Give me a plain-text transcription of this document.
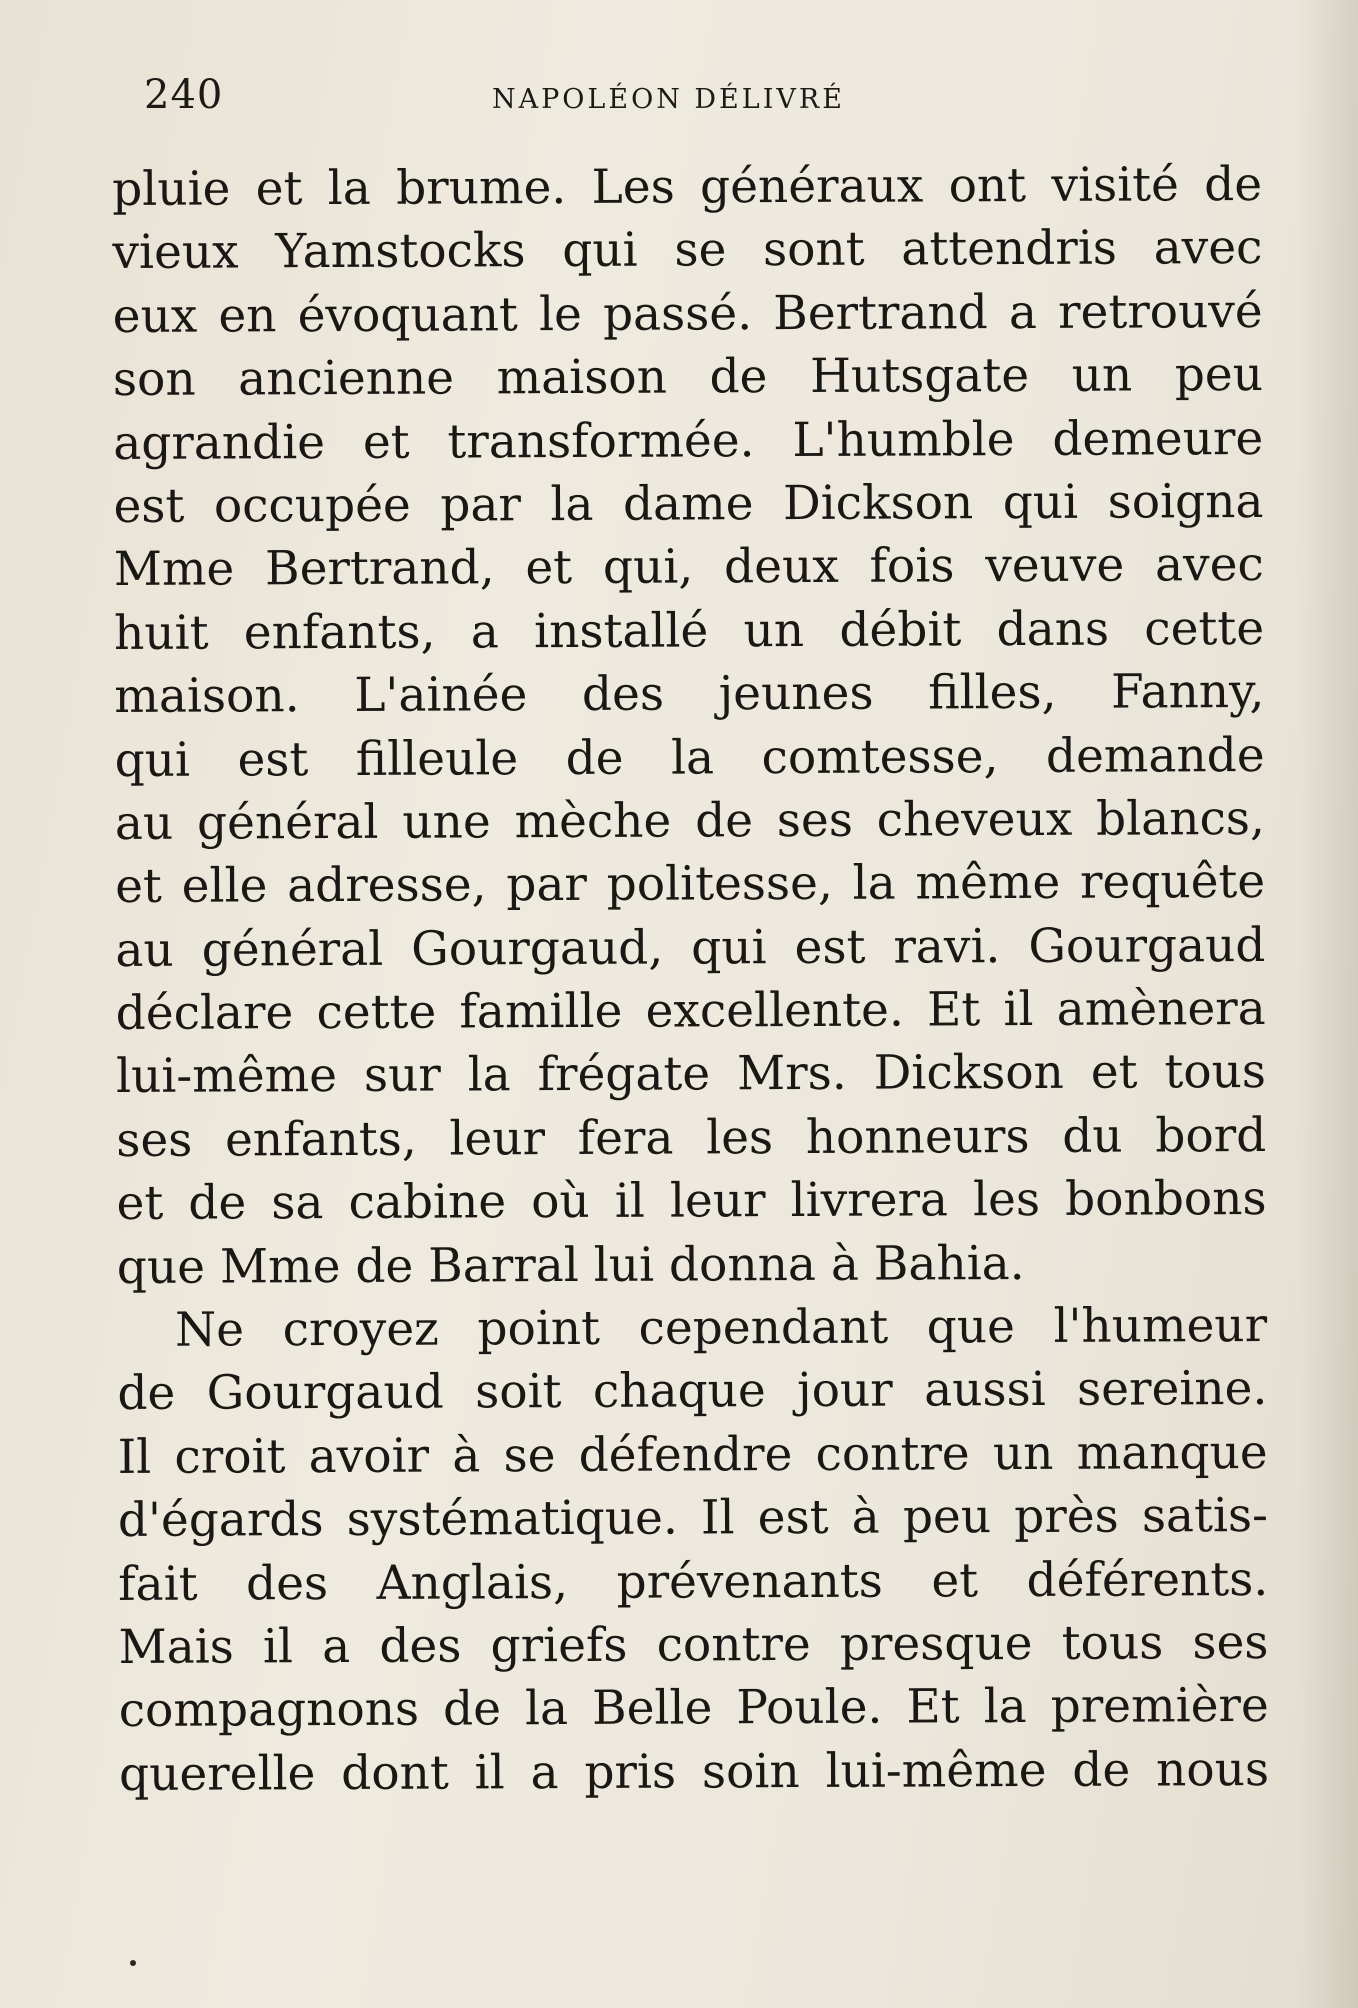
240	NAPOLÉON DÉLIVRÉ
pluie et la brume. Les généraux ont visité de
vieux Yamstocks qui se sont attendris avec
eux en évoquant le passé. Bertrand a retrouvé
son ancienne maison de Hutsgate un peu
agrandie et transformée. L'humble demeure
est occupée par la dame Dickson qui soigna
Mme Bertrand, et qui, deux fois veuve avec
huit enfants, a installé un débit dans cette
maison. L'ainée des jeunes filles, Fanny,
qui est filleule de la comtesse, demande
au général une mèche de ses cheveux blancs,
et elle adresse, par politesse, la même requête
au général Gourgaud, qui est ravi. Gourgaud
déclare cette famille excellente. Et il amènera
lui-même sur la frégate Mrs. Dickson et tous
ses enfants, leur fera les honneurs du bord
et de sa cabine où il leur livrera les bonbons
que Mme de Barral lui donna à Bahia.
Ne croyez point cependant que l'humeur
de Gourgaud soit chaque jour aussi sereine.
Il croit avoir à se défendre contre un manque
d'égards systématique. Il est à peu près satis-
fait des Anglais, prévenants et déférents.
Mais il a des griefs contre presque tous ses
compagnons de la Belle Poule. Et la première
querelle dont il a pris soin lui-même de nous
